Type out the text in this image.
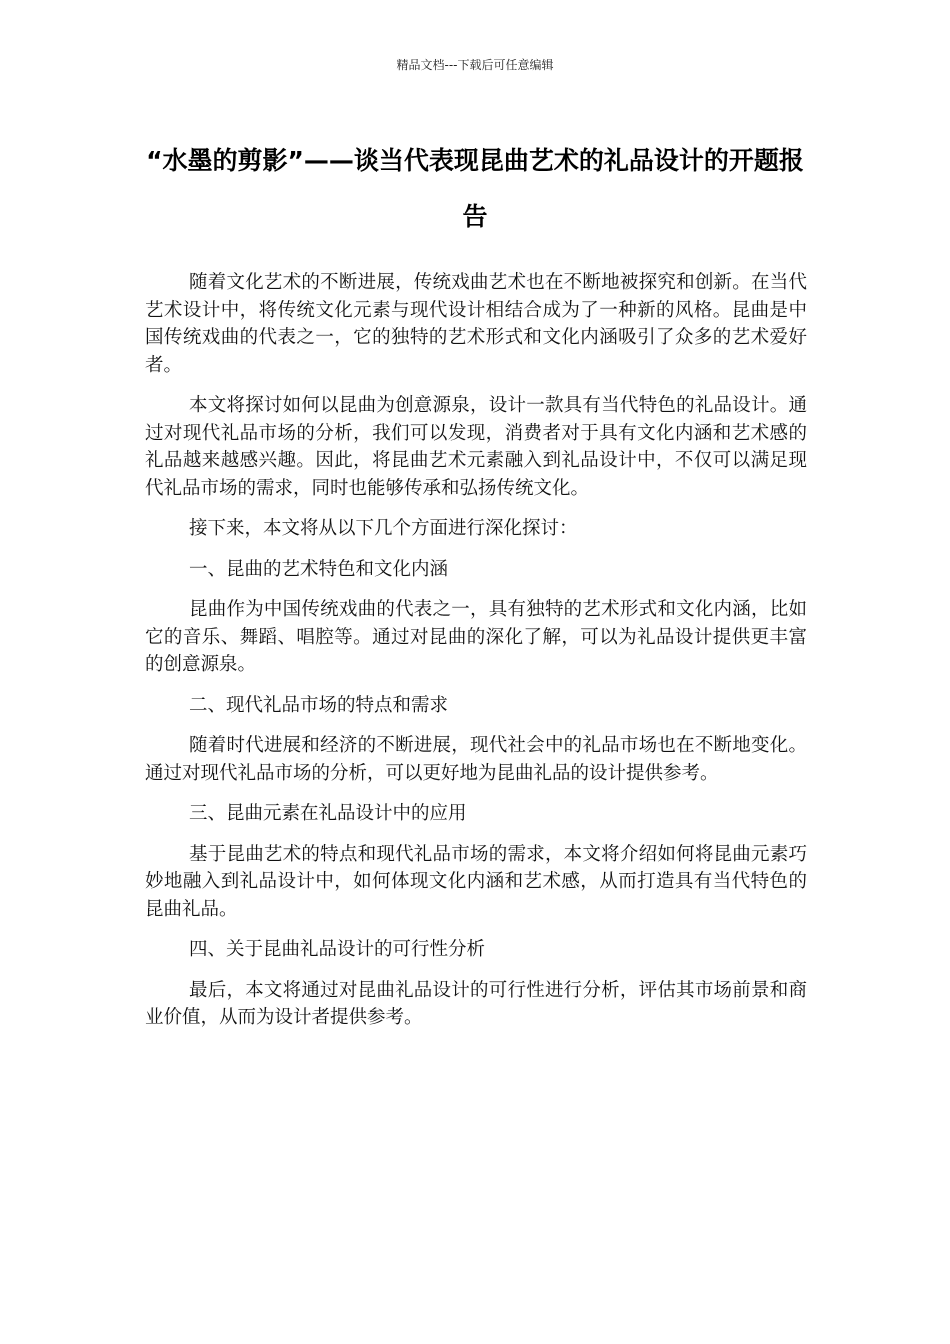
精品文档---下载后可任意编辑
“水墨的剪影”——谈当代表现昆曲艺术的礼品设计的开题报告

随着文化艺术的不断进展，传统戏曲艺术也在不断地被探究和创新。在当代艺术设计中，将传统文化元素与现代设计相结合成为了一种新的风格。昆曲是中国传统戏曲的代表之一，它的独特的艺术形式和文化内涵吸引了众多的艺术爱好者。

本文将探讨如何以昆曲为创意源泉，设计一款具有当代特色的礼品设计。通过对现代礼品市场的分析，我们可以发现，消费者对于具有文化内涵和艺术感的礼品越来越感兴趣。因此，将昆曲艺术元素融入到礼品设计中，不仅可以满足现代礼品市场的需求，同时也能够传承和弘扬传统文化。

接下来，本文将从以下几个方面进行深化探讨：

一、昆曲的艺术特色和文化内涵

昆曲作为中国传统戏曲的代表之一，具有独特的艺术形式和文化内涵，比如它的音乐、舞蹈、唱腔等。通过对昆曲的深化了解，可以为礼品设计提供更丰富的创意源泉。

二、现代礼品市场的特点和需求

随着时代进展和经济的不断进展，现代社会中的礼品市场也在不断地变化。通过对现代礼品市场的分析，可以更好地为昆曲礼品的设计提供参考。

三、昆曲元素在礼品设计中的应用

基于昆曲艺术的特点和现代礼品市场的需求，本文将介绍如何将昆曲元素巧妙地融入到礼品设计中，如何体现文化内涵和艺术感，从而打造具有当代特色的昆曲礼品。

四、关于昆曲礼品设计的可行性分析

最后，本文将通过对昆曲礼品设计的可行性进行分析，评估其市场前景和商业价值，从而为设计者提供参考。
